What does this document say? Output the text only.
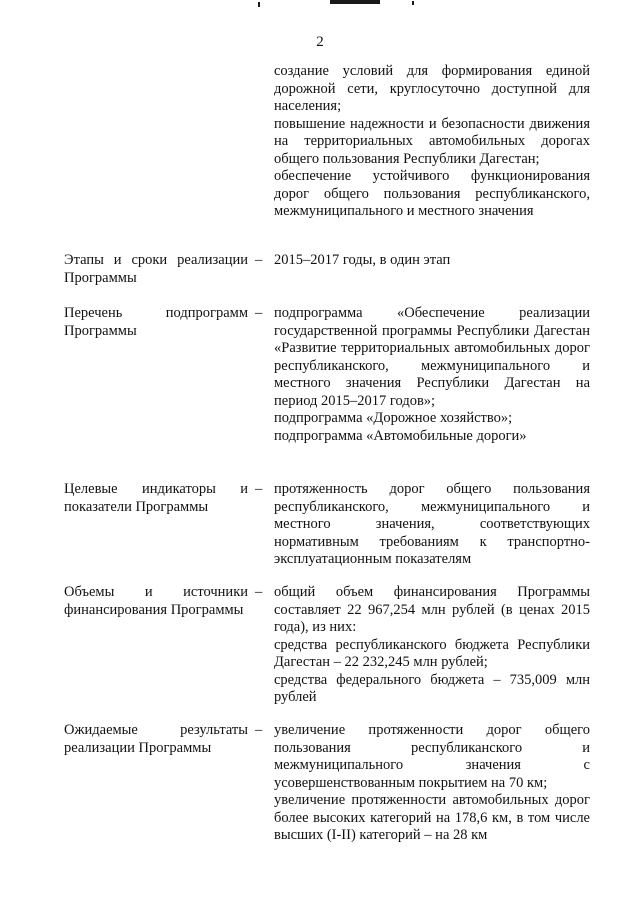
2

создание условий для формирования единой дорожной сети, круглосуточно доступной для населения;

повышение надежности и безопасности движения на территориальных автомобильных дорогах общего пользования Республики Дагестан;

обеспечение устойчивого функционирования дорог общего пользования республиканского, межмуниципального и местного значения

Этапы и сроки реализации Программы
– 2015–2017 годы, в один этап

Перечень подпрограмм Программы
– подпрограмма «Обеспечение реализации государственной программы Республики Дагестан «Развитие территориальных автомобильных дорог республиканского, межмуниципального и местного значения Республики Дагестан на период 2015–2017 годов»;

подпрограмма «Дорожное хозяйство»;

подпрограмма «Автомобильные дороги»

Целевые индикаторы и показатели Программы
– протяженность дорог общего пользования республиканского, межмуниципального и местного значения, соответствующих нормативным требованиям к транспортно-эксплуатационным показателям

Объемы и источники финансирования Программы
– общий объем финансирования Программы составляет 22 967,254 млн рублей (в ценах 2015 года), из них:

средства республиканского бюджета Республики Дагестан – 22 232,245 млн рублей;

средства федерального бюджета – 735,009 млн рублей

Ожидаемые результаты реализации Программы
– увеличение протяженности дорог общего пользования республиканского и межмуниципального значения с усовершенствованным покрытием на 70 км;

увеличение протяженности автомобильных дорог более высоких категорий на 178,6 км, в том числе высших (I-II) категорий – на 28 км
